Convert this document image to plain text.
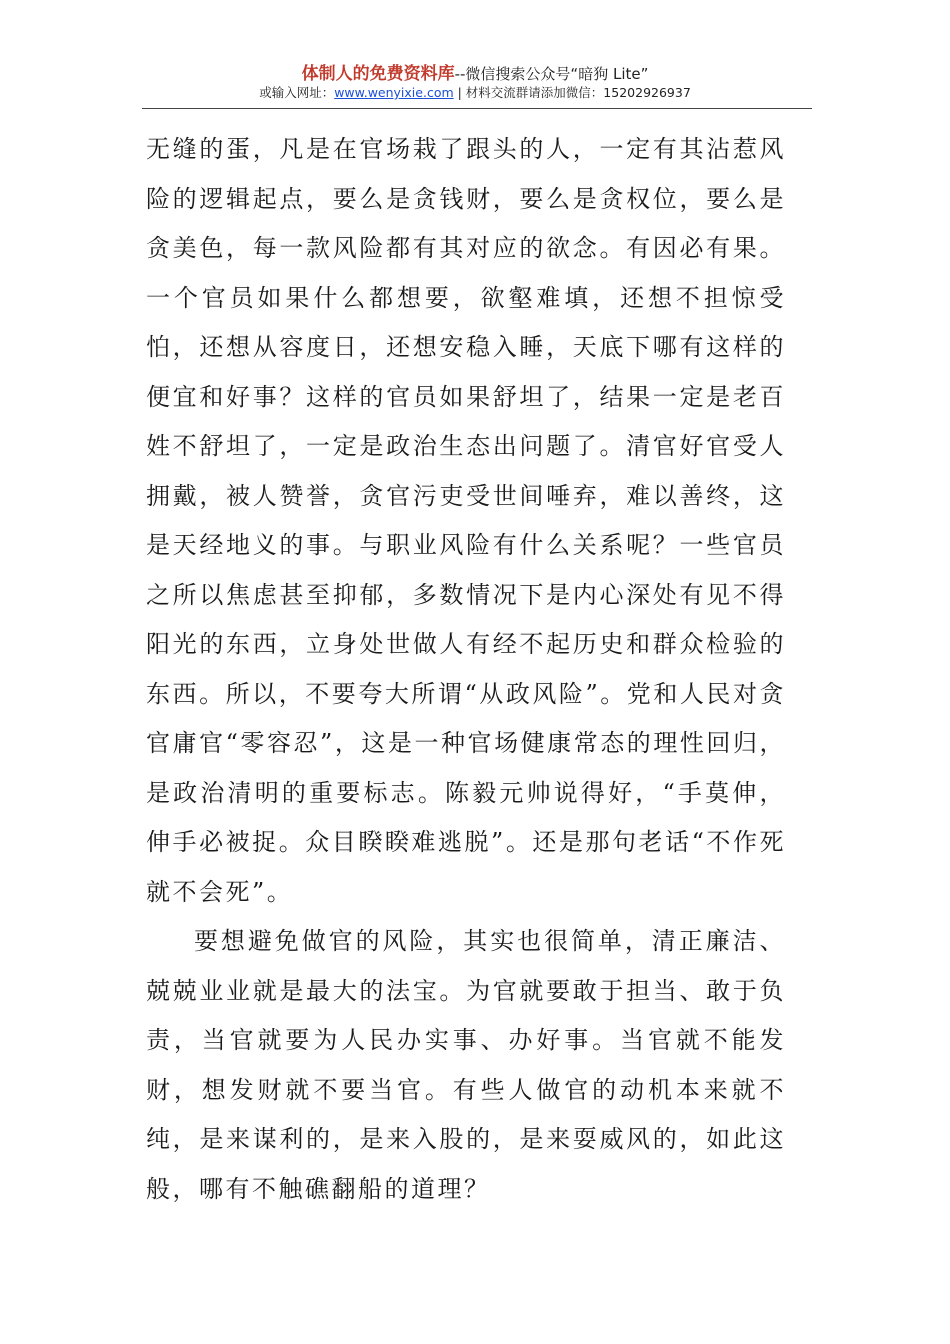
体制人的免费资料库--微信搜索公众号“暗狗 Lite”
或输入网址：www.wenyixie.com | 材料交流群请添加微信：15202926937

无缝的蛋，凡是在官场栽了跟头的人，一定有其沾惹风险的逻辑起点，要么是贪钱财，要么是贪权位，要么是贪美色，每一款风险都有其对应的欲念。有因必有果。一个官员如果什么都想要，欲壑难填，还想不担惊受怕，还想从容度日，还想安稳入睡，天底下哪有这样的便宜和好事？这样的官员如果舒坦了，结果一定是老百姓不舒坦了，一定是政治生态出问题了。清官好官受人拥戴，被人赞誉，贪官污吏受世间唾弃，难以善终，这是天经地义的事。与职业风险有什么关系呢？一些官员之所以焦虑甚至抑郁，多数情况下是内心深处有见不得阳光的东西，立身处世做人有经不起历史和群众检验的东西。所以，不要夸大所谓“从政风险”。党和人民对贪官庸官“零容忍”，这是一种官场健康常态的理性回归，是政治清明的重要标志。陈毅元帅说得好，“手莫伸，伸手必被捉。众目睽睽难逃脱”。还是那句老话“不作死就不会死”。

要想避免做官的风险，其实也很简单，清正廉洁、兢兢业业就是最大的法宝。为官就要敢于担当、敢于负责，当官就要为人民办实事、办好事。当官就不能发财，想发财就不要当官。有些人做官的动机本来就不纯，是来谋利的，是来入股的，是来耍威风的，如此这般，哪有不触礁翻船的道理？
